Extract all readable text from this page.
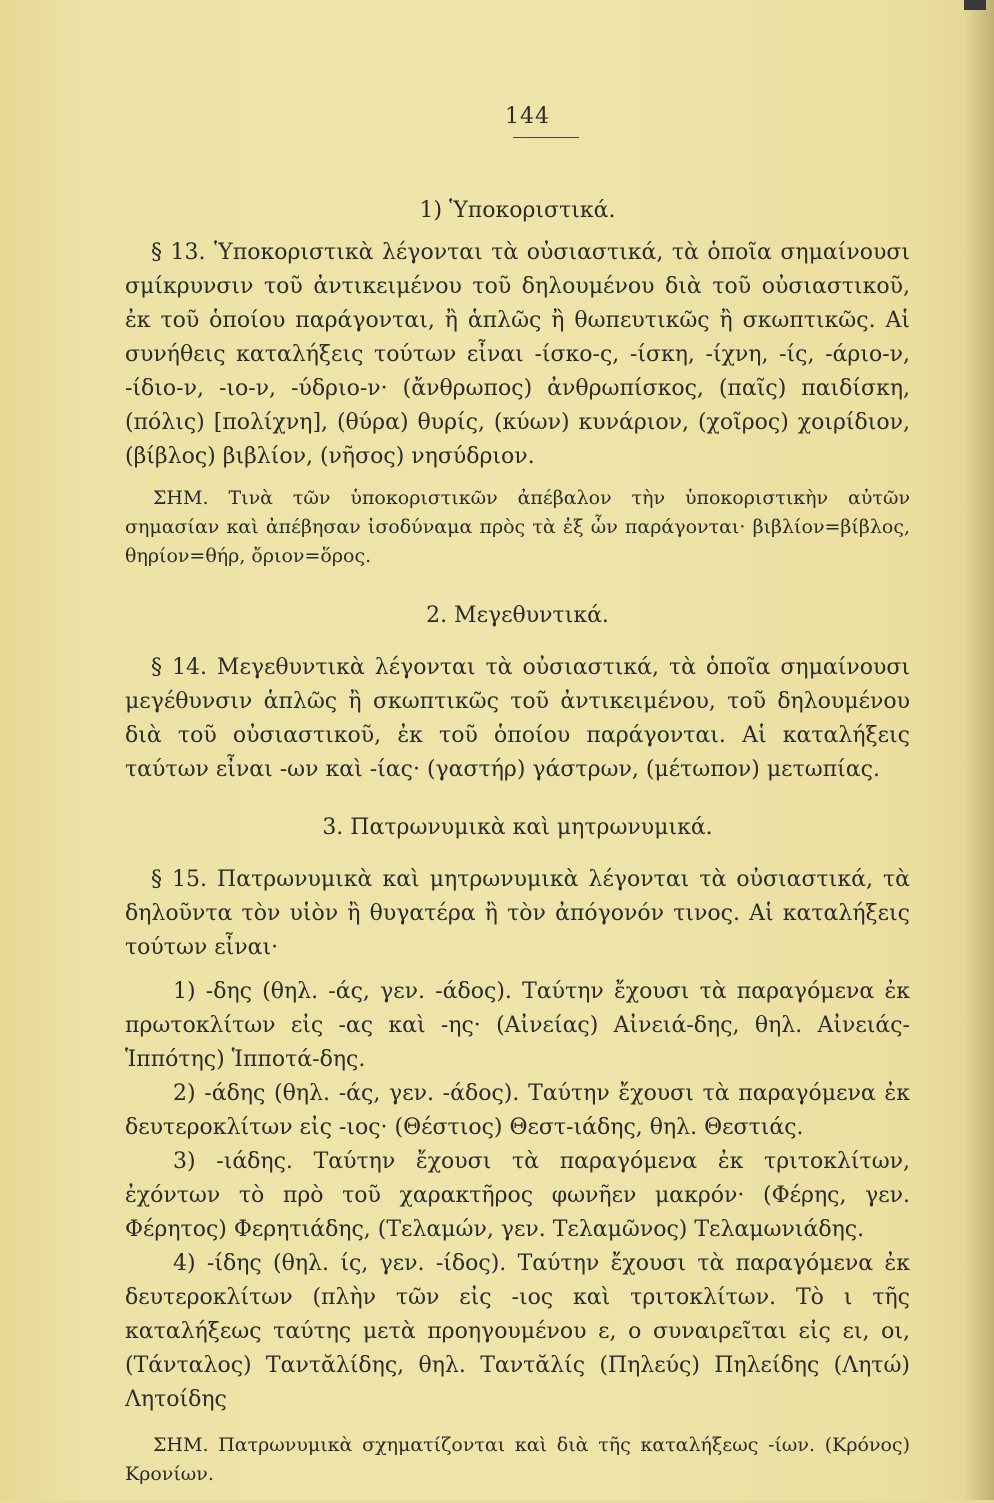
144
1) Ὑποκοριστικά.

§ 13. Ὑποκοριστικὰ λέγονται τὰ οὐσιαστικά, τὰ ὁποῖα σημαίνουσι σμίκρυνσιν τοῦ ἀντικειμένου τοῦ δηλουμένου διὰ τοῦ οὐσιαστικοῦ, ἐκ τοῦ ὁποίου παράγονται, ἢ ἁπλῶς ἢ θωπευτικῶς ἢ σκωπτικῶς. Αἱ συνήθεις καταλήξεις τούτων εἶναι -ίσκο-ς, -ίσκη, -ίχνη, -ίς, -άριο-ν, -ίδιο-ν, -ιο-ν, -ύδριο-ν· (ἄνθρωπος) ἀνθρωπίσκος, (παῖς) παιδίσκη, (πόλις) [πολίχνη], (θύρα) θυρίς, (κύων) κυνάριον, (χοῖρος) χοιρίδιον, (βίβλος) βιβλίον, (νῆσος) νησύδριον.

ΣΗΜ. Τινὰ τῶν ὑποκοριστικῶν ἀπέβαλον τὴν ὑποκοριστικὴν αὐτῶν σημασίαν καὶ ἀπέβησαν ἰσοδύναμα πρὸς τὰ ἐξ ὧν παράγονται· βιβλίον=βίβλος, θηρίον=θήρ, ὄριον=ὅρος.

2. Μεγεθυντικά.

§ 14. Μεγεθυντικὰ λέγονται τὰ οὐσιαστικά, τὰ ὁποῖα σημαίνουσι μεγέθυνσιν ἁπλῶς ἢ σκωπτικῶς τοῦ ἀντικειμένου, τοῦ δηλουμένου διὰ τοῦ οὐσιαστικοῦ, ἐκ τοῦ ὁποίου παράγονται. Αἱ καταλήξεις ταύτων εἶναι -ων καὶ -ίας· (γαστήρ) γάστρων, (μέτωπον) μετωπίας.

3. Πατρωνυμικὰ καὶ μητρωνυμικά.

§ 15. Πατρωνυμικὰ καὶ μητρωνυμικὰ λέγονται τὰ οὐσιαστικά, τὰ δηλοῦντα τὸν υἱὸν ἢ θυγατέρα ἢ τὸν ἀπόγονόν τινος. Αἱ καταλήξεις τούτων εἶναι·

1) -δης (θηλ. -άς, γεν. -άδος). Ταύτην ἔχουσι τὰ παραγόμενα ἐκ πρωτοκλίτων εἰς -ας καὶ -ης· (Αἰνείας) Αἰνειά-δης, θηλ. Αἰνειάς- Ἱππότης) Ἱπποτά-δης.

2) -άδης (θηλ. -άς, γεν. -άδος). Ταύτην ἔχουσι τὰ παραγόμενα ἐκ δευτεροκλίτων εἰς -ιος· (Θέστιος) Θεστ-ιάδης, θηλ. Θεστιάς.

3) -ιάδης. Ταύτην ἔχουσι τὰ παραγόμενα ἐκ τριτοκλίτων, ἐχόντων τὸ πρὸ τοῦ χαρακτῆρος φωνῆεν μακρόν· (Φέρης, γεν. Φέρητος) Φερητιάδης, (Τελαμών, γεν. Τελαμῶνος) Τελαμωνιάδης.

4) -ίδης (θηλ. ίς, γεν. -ίδος). Ταύτην ἔχουσι τὰ παραγόμενα ἐκ δευτεροκλίτων (πλὴν τῶν εἰς -ιος καὶ τριτοκλίτων. Τὸ ι τῆς καταλήξεως ταύτης μετὰ προηγουμένου ε, ο συναιρεῖται εἰς ει, οι, (Τάνταλος) Ταντᾰλίδης, θηλ. Ταντᾰλίς (Πηλεύς) Πηλείδης (Λητώ) Λητοίδης

ΣΗΜ. Πατρωνυμικὰ σχηματίζονται καὶ διὰ τῆς καταλήξεως -ίων. (Κρόνος) Κρονίων.
